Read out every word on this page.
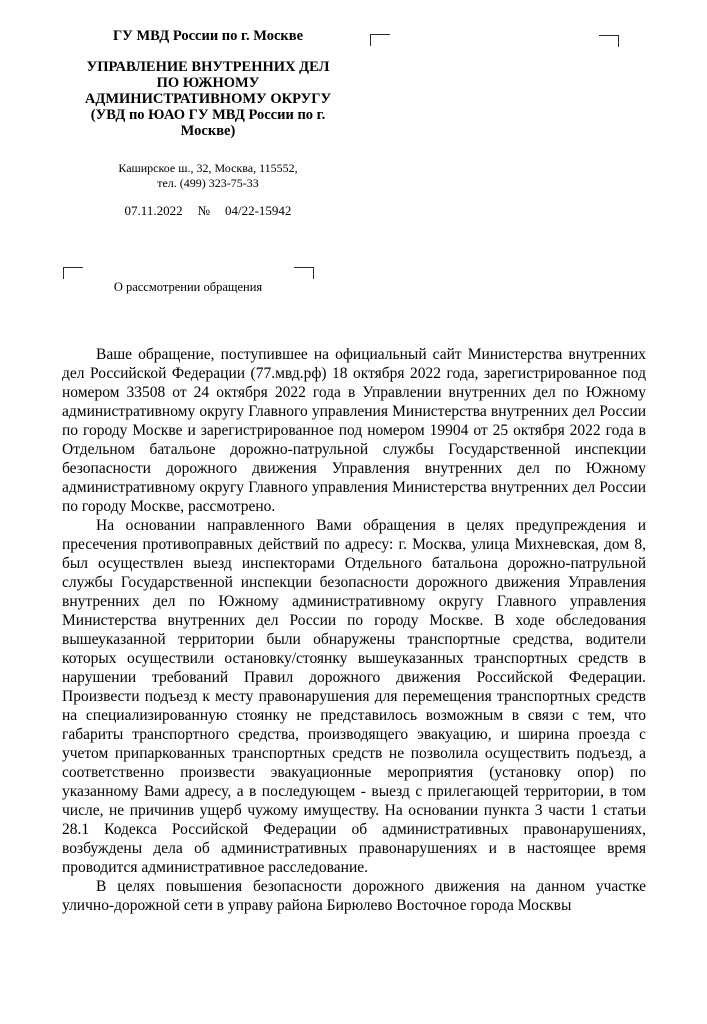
ГУ МВД России по г. Москве
УПРАВЛЕНИЕ ВНУТРЕННИХ ДЕЛ
ПО ЮЖНОМУ
АДМИНИСТРАТИВНОМУ ОКРУГУ
(УВД по ЮАО ГУ МВД России по г.
Москве)
Каширское ш., 32, Москва, 115552,
тел. (499) 323-75-33
07.11.2022 № 04/22-15942
О рассмотрении обращения

Ваше обращение, поступившее на официальный сайт Министерства внутренних дел Российской Федерации (77.мвд.рф) 18 октября 2022 года, зарегистрированное под номером 33508 от 24 октября 2022 года в Управлении внутренних дел по Южному административному округу Главного управления Министерства внутренних дел России по городу Москве и зарегистрированное под номером 19904 от 25 октября 2022 года в Отдельном батальоне дорожно-патрульной службы Государственной инспекции безопасности дорожного движения Управления внутренних дел по Южному административному округу Главного управления Министерства внутренних дел России по городу Москве, рассмотрено.

На основании направленного Вами обращения в целях предупреждения и пресечения противоправных действий по адресу: г. Москва, улица Михневская, дом 8, был осуществлен выезд инспекторами Отдельного батальона дорожно-патрульной службы Государственной инспекции безопасности дорожного движения Управления внутренних дел по Южному административному округу Главного управления Министерства внутренних дел России по городу Москве. В ходе обследования вышеуказанной территории были обнаружены транспортные средства, водители которых осуществили остановку/стоянку вышеуказанных транспортных средств в нарушении требований Правил дорожного движения Российской Федерации. Произвести подъезд к месту правонарушения для перемещения транспортных средств на специализированную стоянку не представилось возможным в связи с тем, что габариты транспортного средства, производящего эвакуацию, и ширина проезда с учетом припаркованных транспортных средств не позволила осуществить подъезд, а соответственно произвести эвакуационные мероприятия (установку опор) по указанному Вами адресу, а в последующем - выезд с прилегающей территории, в том числе, не причинив ущерб чужому имуществу. На основании пункта 3 части 1 статьи 28.1 Кодекса Российской Федерации об административных правонарушениях, возбуждены дела об административных правонарушениях и в настоящее время проводится административное расследование.

В целях повышения безопасности дорожного движения на данном участке улично-дорожной сети в управу района Бирюлево Восточное города Москвы
